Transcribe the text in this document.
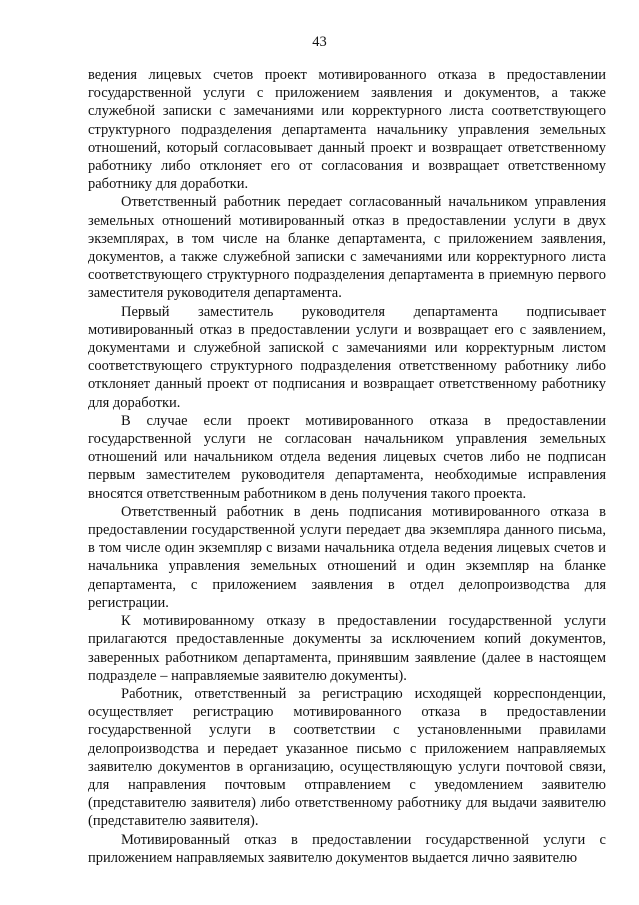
43

ведения лицевых счетов проект мотивированного отказа в предоставлении государственной услуги с приложением заявления и документов, а также служебной записки с замечаниями или корректурного листа соответствующего структурного подразделения департамента начальнику управления земельных отношений, который согласовывает данный проект и возвращает ответственному работнику либо отклоняет его от согласования и возвращает ответственному работнику для доработки.

Ответственный работник передает согласованный начальником управления земельных отношений мотивированный отказ в предоставлении услуги в двух экземплярах, в том числе на бланке департамента, с приложением заявления, документов, а также служебной записки с замечаниями или корректурного листа соответствующего структурного подразделения департамента в приемную первого заместителя руководителя департамента.

Первый заместитель руководителя департамента подписывает мотивированный отказ в предоставлении услуги и возвращает его с заявлением, документами и служебной запиской с замечаниями или корректурным листом соответствующего структурного подразделения ответственному работнику либо отклоняет данный проект от подписания и возвращает ответственному работнику для доработки.

В случае если проект мотивированного отказа в предоставлении государственной услуги не согласован начальником управления земельных отношений или начальником отдела ведения лицевых счетов либо не подписан первым заместителем руководителя департамента, необходимые исправления вносятся ответственным работником в день получения такого проекта.

Ответственный работник в день подписания мотивированного отказа в предоставлении государственной услуги передает два экземпляра данного письма, в том числе один экземпляр с визами начальника отдела ведения лицевых счетов и начальника управления земельных отношений и один экземпляр на бланке департамента, с приложением заявления в отдел делопроизводства для регистрации.

К мотивированному отказу в предоставлении государственной услуги прилагаются предоставленные документы за исключением копий документов, заверенных работником департамента, принявшим заявление (далее в настоящем подразделе – направляемые заявителю документы).

Работник, ответственный за регистрацию исходящей корреспонденции, осуществляет регистрацию мотивированного отказа в предоставлении государственной услуги в соответствии с установленными правилами делопроизводства и передает указанное письмо с приложением направляемых заявителю документов в организацию, осуществляющую услуги почтовой связи, для направления почтовым отправлением с уведомлением заявителю (представителю заявителя) либо ответственному работнику для выдачи заявителю (представителю заявителя).

Мотивированный отказ в предоставлении государственной услуги с приложением направляемых заявителю документов выдается лично заявителю
